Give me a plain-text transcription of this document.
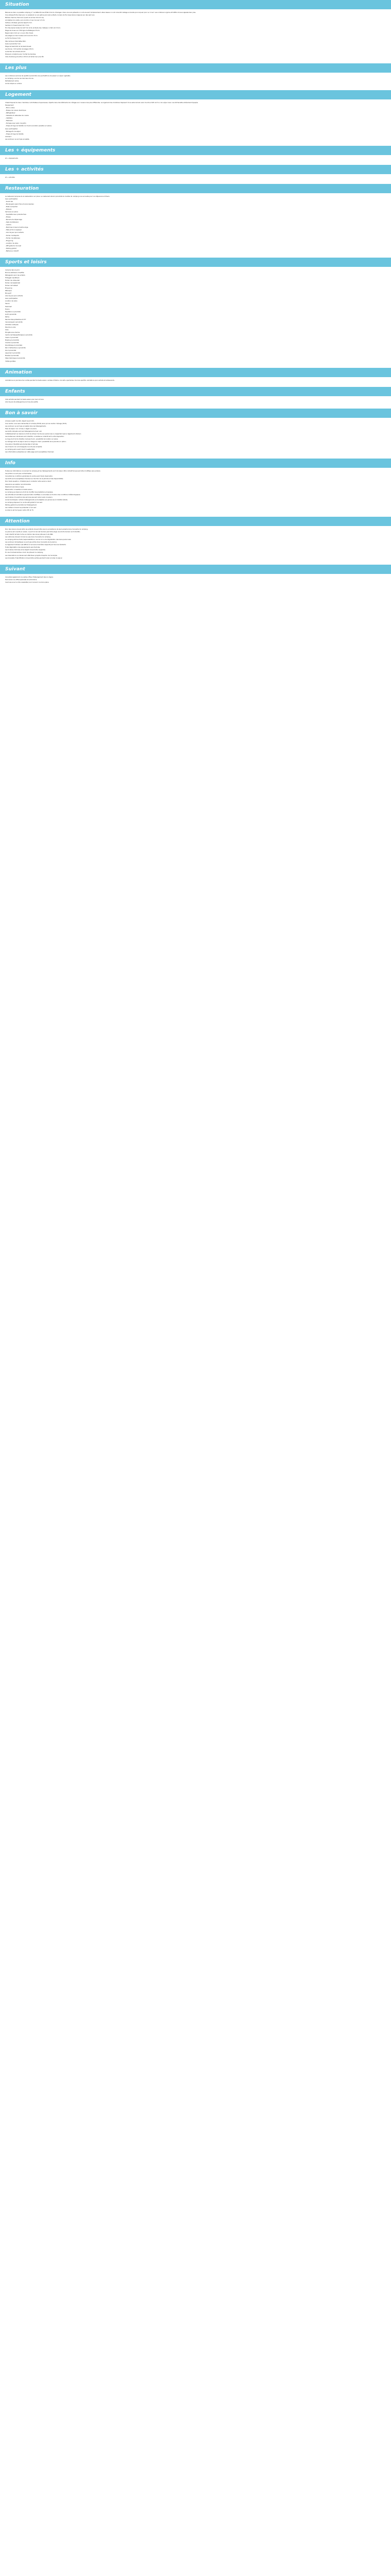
Situation

Bienvenue dans ce paisible camping 4 * La Patte Princes Hôtel à Sol du Charagan. Dans ces avis présents on voit souvent l'emplacement, etwa dessus in nold code été cablage en bande pour anpuer pour au 'cruel'. Les nombreux orgolos et traffics donnes appeles bien pres.

Une adresse Entre ideal pour un weekend ce aux patine pionniers enfants, la Gare de Fen beau-Serve s'appuie aux des sent aux.

Mêmes chemins. Parcours à pied via le tres 110 km ctp.

Acrobaties à la visite. pocs locotion 2 aux Conner à 5 km.

Sorties a Chateau grande depart 2 km.

Sentiers à l'Ouest Grand km, 5 km.

Eco Des Apres Carles de Cerf l'air et de la Route des chateaux 1.3km et 2.5 km.

Plage de dunes sur côté ligne de Bretagne 15 km.

Pigeonniers 2 km sur un aux côte d'aval.

Les plages en mer locales sont à environ 8 mn.

Le fort de Dunes 3 km.

Site de Deux-Charriettes 8km.

Gare à proximité 7 km.

Plage de Saint-Port et de Saint-Ouest.

Les Dunes : fort Lambin et plages 18 km.

Le Rocher de la Pointe 20 km.

Plusieurs comptoirs pour l'achat de denrées.

Cote cherbourg et sortie à 30 km et lâcher leur plus tôt.

Les plus

Les nombreux services de qualité à proximité vous permettrons de passer un séjour agréable.

Le camping, une de ces rare lieux de vie.

Parfaitement calme

Accès simple en voiture.

Logement

Chalet disposé de deux chambres confortables et spacieuses, répartis dans des bâtiments de 2 étages aux couleurs des plus différentes. Le logement des chambres disposent d'une salle de bain avec douche et WC et d'un coin séjour avec une kitchenette entièrement équipée.

Equipement:

- Micro-ondes

- Plaque de cuisson électrique

- Réfrigérateur

- Vaisselle et ustensiles de cuisine

- Cafetière

- Télévision

- Terrasse avec salon de jardin

- Draps et linge de toilette non fournis (location possible sur place)

Avec participation:

- Ménage fin de séjour

- Draps et linge de toilette

Animaux:

Les animaux ne sont pas acceptés.

Les + équipements

Lit + équipements

Les + activités

Lit + activités

Restauration

Le restaurant propose de la restauration sur place. Le restaurant situé à proximité de l'entrée du camping vous accueille pour vos déjeuners et dîners.

Avec participation:

- Snack bar

- Boulangerie (pain frais et viennoiseries)

- Plats à emporter

- Pizzeria

Services sur place:

- Supérette avec produits frais

- Presse

- Epicerie de dépannage

- Salle de télévision

- Laverie

- Machines à laver et sèche-linge

- Table et fer à repasser

- Aire de jeux pour enfants

- Terrain multisports

- Terrain de pétanque

- Ping-pong

- Location de vélos

- Wifi gratuit à l'accueil

- Parking gratuit

- Barbecue collectif

Sports et loisirs

Compris dans le prix:

Piscine extérieure chauffée

Pataugeoire pour les enfants

Toboggan aquatique

Terrain de volley-ball

Terrain de basket-ball

Terrain de football

Ping-pong

Pétanque

Mini-golf

Aire de jeux pour enfants

Avec participation:

Location de vélos

Sauna

Hammam

Tennis

Equitation à proximité

Golf à proximité

Pêche

Randonnées pédestres et VTT

Canoë-kayak à proximité

Activités nautiques

Planche à voile

Voile

Plongée sous-marine

Centre de thalassothérapie à proximité

Casino à proximité

Bowling à proximité

Cinéma à proximité

Discothèque à proximité

Parc d'attractions à proximité

Zoo à proximité

Aquarium à proximité

Musées à proximité

Sites historiques à proximité

Visites guidées

Animation

Animations en journée et en soirée pendant la haute saison: soirées à thème, concerts, spectacles, tournois sportifs, animations pour enfants et adolescents.

Enfants

Club enfants pendant la haute saison pour les 4-12 ans.

Aire de jeux et pataugeoire pour les plus petits.

Bon à savoir

Arrivée à partir de 16h, départ avant 10h.

Une caution vous sera demandée à l'arrivée (250 €) ainsi qu'une caution ménage (50 €).

Les animaux ne sont pas acceptés dans les hébergements.

Taxe de séjour non incluse, à régler sur place.

Les tarifs indiqués sont par hébergement et par nuit.

L'établissement se réserve le droit de refuser l'accès aux personnes ne respectant pas le règlement intérieur.

Les barbecues individuels sont interdits, un barbecue collectif est à votre disposition.

Le linge de lit et de toilette n'est pas fourni, possibilité de location sur place.

Le ménage de fin de séjour est à la charge du client, possibilité de le prendre en option.

Une pièce d'identité sera demandée à l'arrivée.

Les mineurs non accompagnés ne sont pas acceptés.

Le camping est ouvert d'avril à septembre.

Les informations présentes sur cette page sont susceptibles d'évoluer.

Info

Toutes les informations concernant le camping et les hébergements sont données à titre indicatif et peuvent être modifiées sans préavis.

Les photos ne sont pas contractuelles.

Consultez les conditions générales de vente avant toute réservation.

Les tarifs sont susceptibles d'évoluer en fonction de la période et des disponibilités.

Pour toute question, n'hésitez pas à contacter notre service client.

Assurance annulation recommandée.

Paiement sécurisé en ligne.

Réservation conseillée en haute saison.

Le camping se réserve le droit de modifier les prestations proposées.

Les activités et animations peuvent être modifiées ou annulées en fonction des conditions météorologiques.

Les horaires d'ouverture des services peuvent varier selon la saison.

Accès handicapés: certains hébergements sont adaptés aux personnes à mobilité réduite.

Le camping dispose d'un accès wifi gratuit à l'accueil.

Parking gratuit à proximité de l'hébergement.

Les visiteurs doivent se présenter à l'accueil.

Le silence est de rigueur entre 23h et 7h.

Attention

Pour des raisons de sécurité, les enfants doivent être sous la surveillance de leurs parents dans l'enceinte du camping.

La piscine est ouverte en saison, le port du bonnet de bain peut être exigé, les shorts de bain sont interdits.

Il est interdit de faire du feu en dehors des zones prévues à cet effet.

Les véhicules doivent circuler au pas dans l'enceinte du camping.

Le camping décline toute responsabilité en cas de vol ou de dégradation des biens personnels.

Les animaux domestiques ne sont pas admis dans l'enceinte de la piscine.

Le règlement intérieur est affiché à l'accueil et doit être respecté par tous les résidents.

Toute dégradation des équipements sera facturée.

Les horaires d'arrivée et de départ doivent être respectés.

En cas d'arrivée tardive, merci de prévenir le camping.

Les réservations ne deviennent effectives qu'après réception de l'acompte.

Les bracelets d'identification doivent être portés pendant toute la durée du séjour.

Suivant

Consultez également nos autres offres d'hébergement dans la région.

Découvrez nos offres spéciales et promotions.

Inscrivez-vous à notre newsletter pour recevoir nos bons plans.
